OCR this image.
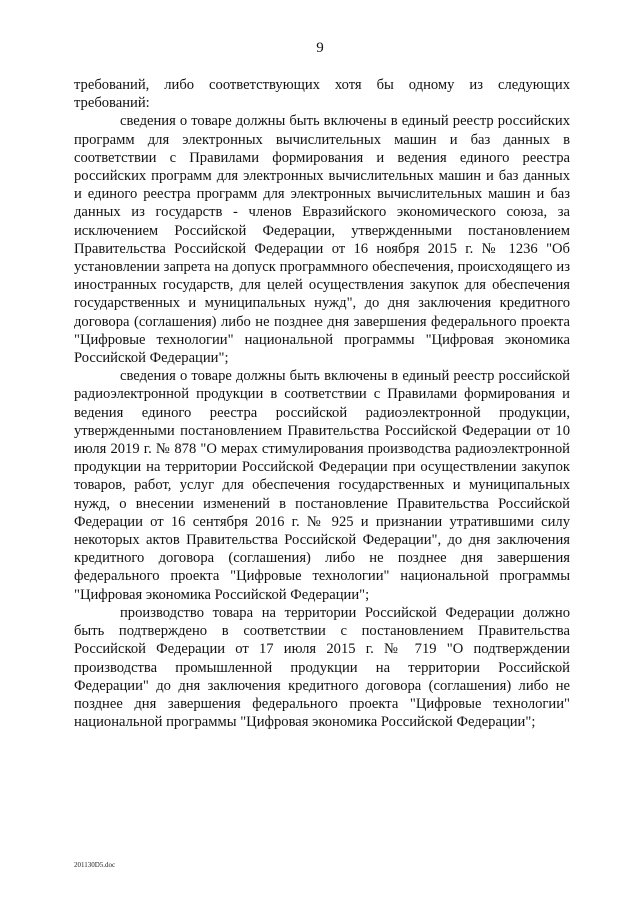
9

требований, либо соответствующих хотя бы одному из следующих требований:

сведения о товаре должны быть включены в единый реестр российских программ для электронных вычислительных машин и баз данных в соответствии с Правилами формирования и ведения единого реестра российских программ для электронных вычислительных машин и баз данных и единого реестра программ для электронных вычислительных машин и баз данных из государств - членов Евразийского экономического союза, за исключением Российской Федерации, утвержденными постановлением Правительства Российской Федерации от 16 ноября 2015 г. № 1236 "Об установлении запрета на допуск программного обеспечения, происходящего из иностранных государств, для целей осуществления закупок для обеспечения государственных и муниципальных нужд", до дня заключения кредитного договора (соглашения) либо не позднее дня завершения федерального проекта "Цифровые технологии" национальной программы "Цифровая экономика Российской Федерации";

сведения о товаре должны быть включены в единый реестр российской радиоэлектронной продукции в соответствии с Правилами формирования и ведения единого реестра российской радиоэлектронной продукции, утвержденными постановлением Правительства Российской Федерации от 10 июля 2019 г. № 878 "О мерах стимулирования производства радиоэлектронной продукции на территории Российской Федерации при осуществлении закупок товаров, работ, услуг для обеспечения государственных и муниципальных нужд, о внесении изменений в постановление Правительства Российской Федерации от 16 сентября 2016 г. № 925 и признании утратившими силу некоторых актов Правительства Российской Федерации", до дня заключения кредитного договора (соглашения) либо не позднее дня завершения федерального проекта "Цифровые технологии" национальной программы "Цифровая экономика Российской Федерации";

производство товара на территории Российской Федерации должно быть подтверждено в соответствии с постановлением Правительства Российской Федерации от 17 июля 2015 г. № 719 "О подтверждении производства промышленной продукции на территории Российской Федерации" до дня заключения кредитного договора (соглашения) либо не позднее дня завершения федерального проекта "Цифровые технологии" национальной программы "Цифровая экономика Российской Федерации";

201130D5.doc
